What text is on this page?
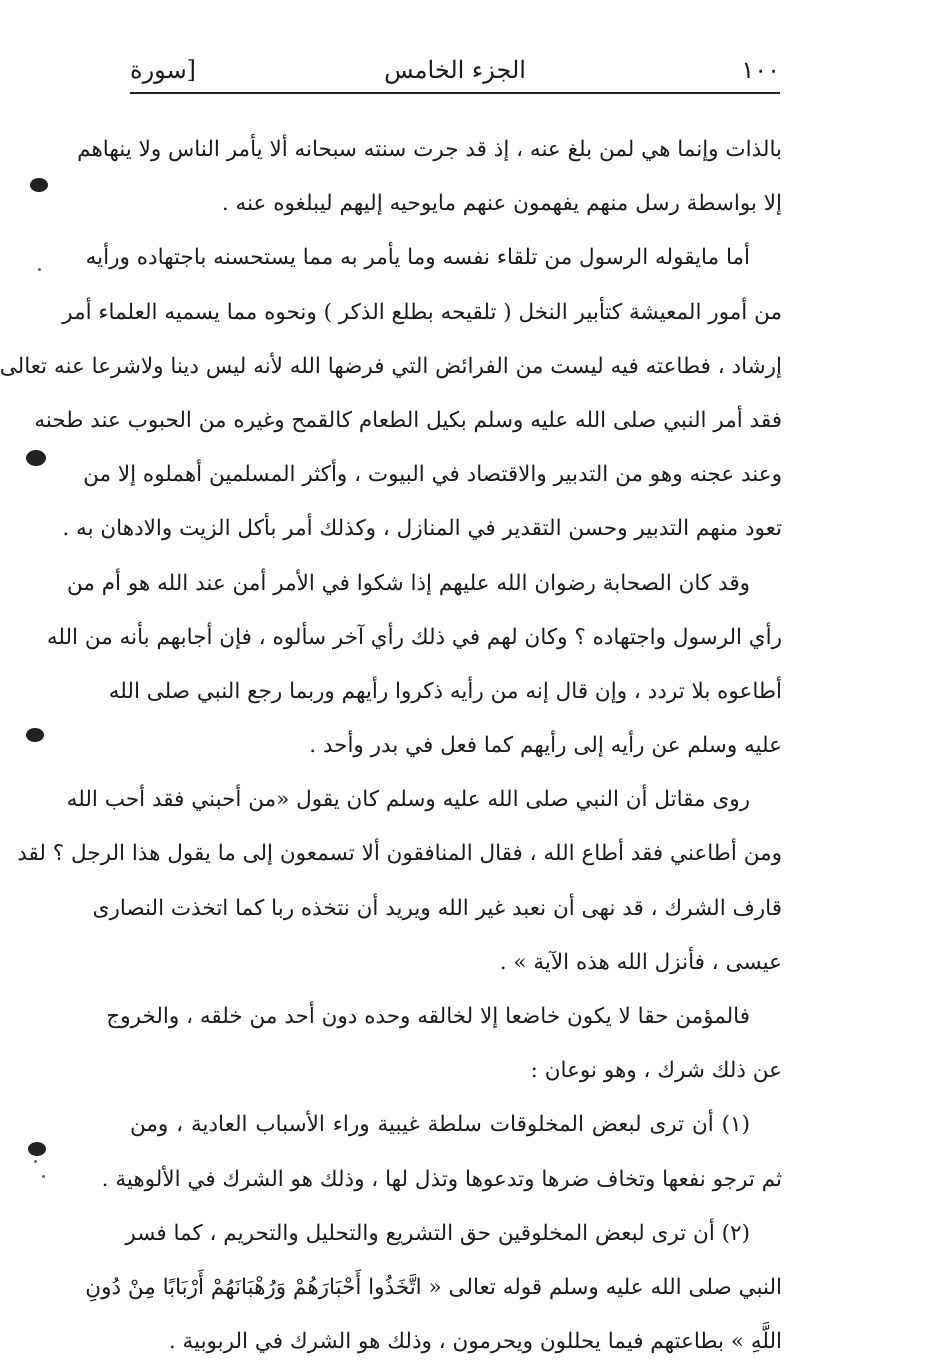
١٠٠
الجزء الخامس
[سورة
بالذات وإنما هي لمن بلغ عنه ، إذ قد جرت سنته سبحانه ألا يأمر الناس ولا ينهاهم
إلا بواسطة رسل منهم يفهمون عنهم مايوحيه إليهم ليبلغوه عنه .
أما مايقوله الرسول من تلقاء نفسه وما يأمر به مما يستحسنه باجتهاده ورأيه
من أمور المعيشة كتأبير النخل ( تلقيحه بطلع الذكر ) ونحوه مما يسميه العلماء أمر
إرشاد ، فطاعته فيه ليست من الفرائض التي فرضها الله لأنه ليس دينا ولاشرعا عنه تعالى
فقد أمر النبي صلى الله عليه وسلم بكيل الطعام كالقمح وغيره من الحبوب عند طحنه
وعند عجنه وهو من التدبير والاقتصاد في البيوت ، وأكثر المسلمين أهملوه إلا من
تعود منهم التدبير وحسن التقدير في المنازل ، وكذلك أمر بأكل الزيت والادهان به .
وقد كان الصحابة رضوان الله عليهم إذا شكوا في الأمر أمن عند الله هو أم من
رأي الرسول واجتهاده ؟ وكان لهم في ذلك رأي آخر سألوه ، فإن أجابهم بأنه من الله
أطاعوه بلا تردد ، وإن قال إنه من رأيه ذكروا رأيهم وربما رجع النبي صلى الله
عليه وسلم عن رأيه إلى رأيهم كما فعل في بدر وأحد .
روى مقاتل أن النبي صلى الله عليه وسلم كان يقول «من أحبني فقد أحب الله
ومن أطاعني فقد أطاع الله ، فقال المنافقون ألا تسمعون إلى ما يقول هذا الرجل ؟ لقد
قارف الشرك ، قد نهى أن نعبد غير الله ويريد أن نتخذه ربا كما اتخذت النصارى
عيسى ، فأنزل الله هذه الآية » .
فالمؤمن حقا لا يكون خاضعا إلا لخالقه وحده دون أحد من خلقه ، والخروج
عن ذلك شرك ، وهو نوعان :
(١) أن ترى لبعض المخلوقات سلطة غيبية وراء الأسباب العادية ، ومن
ثم ترجو نفعها وتخاف ضرها وتدعوها وتذل لها ، وذلك هو الشرك في الألوهية .
(٢) أن ترى لبعض المخلوقين حق التشريع والتحليل والتحريم ، كما فسر
النبي صلى الله عليه وسلم قوله تعالى « اتَّخَذُوا أَحْبَارَهُمْ وَرُهْبَانَهُمْ أَرْبَابًا مِنْ دُونِ
اللَّهِ » بطاعتهم فيما يحللون ويحرمون ، وذلك هو الشرك في الربوبية .
